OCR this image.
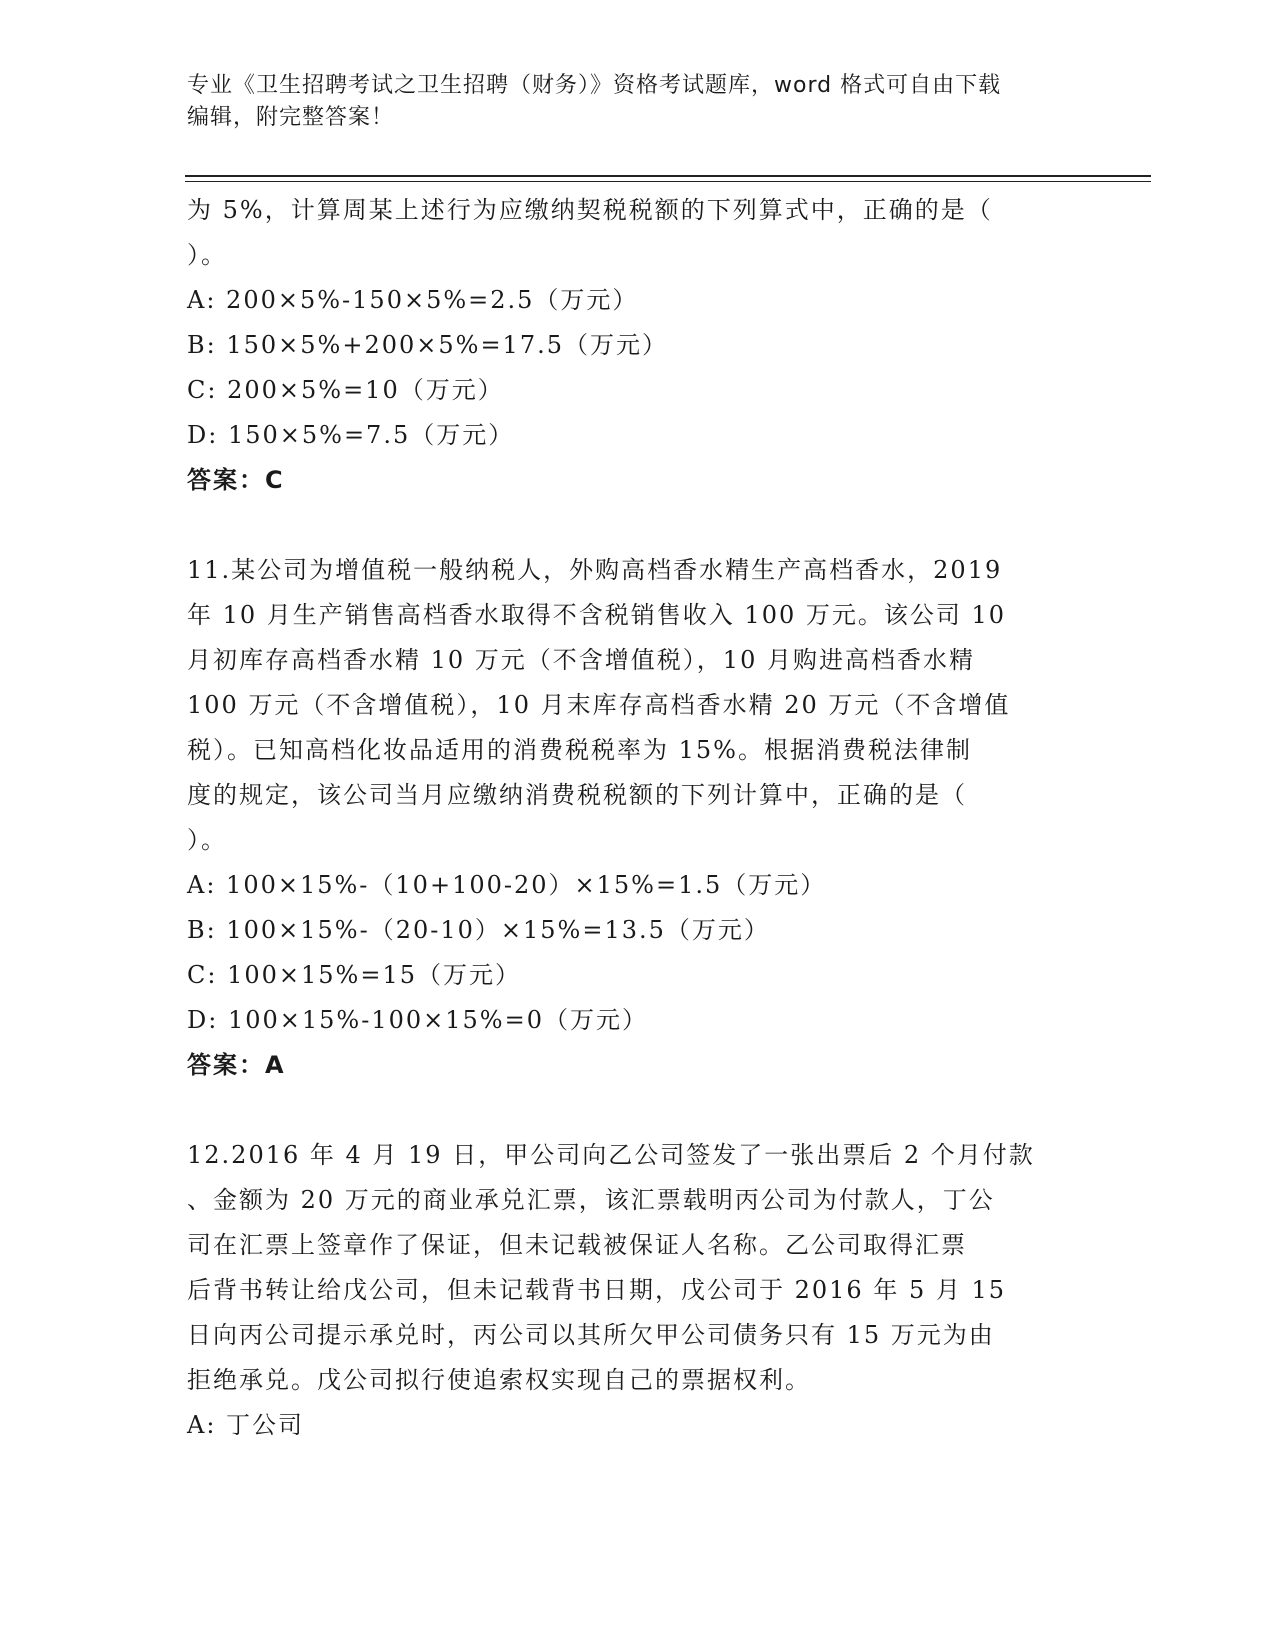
专业《卫生招聘考试之卫生招聘（财务）》资格考试题库，word 格式可自由下载
编辑，附完整答案！
为 5%，计算周某上述行为应缴纳契税税额的下列算式中，正确的是（
）。
A: 200×5%-150×5%=2.5（万元）
B: 150×5%+200×5%=17.5（万元）
C: 200×5%=10（万元）
D: 150×5%=7.5（万元）
答案：C
11.某公司为增值税一般纳税人，外购高档香水精生产高档香水，2019
年 10 月生产销售高档香水取得不含税销售收入 100 万元。该公司 10
月初库存高档香水精 10 万元（不含增值税），10 月购进高档香水精
100 万元（不含增值税），10 月末库存高档香水精 20 万元（不含增值
税）。已知高档化妆品适用的消费税税率为 15%。根据消费税法律制
度的规定，该公司当月应缴纳消费税税额的下列计算中，正确的是（
）。
A: 100×15%-（10+100-20）×15%=1.5（万元）
B: 100×15%-（20-10）×15%=13.5（万元）
C: 100×15%=15（万元）
D: 100×15%-100×15%=0（万元）
答案：A
12.2016 年 4 月 19 日，甲公司向乙公司签发了一张出票后 2 个月付款
、金额为 20 万元的商业承兑汇票，该汇票载明丙公司为付款人，丁公
司在汇票上签章作了保证，但未记载被保证人名称。乙公司取得汇票
后背书转让给戊公司，但未记载背书日期，戊公司于 2016 年 5 月 15
日向丙公司提示承兑时，丙公司以其所欠甲公司债务只有 15 万元为由
拒绝承兑。戊公司拟行使追索权实现自己的票据权利。
A: 丁公司
